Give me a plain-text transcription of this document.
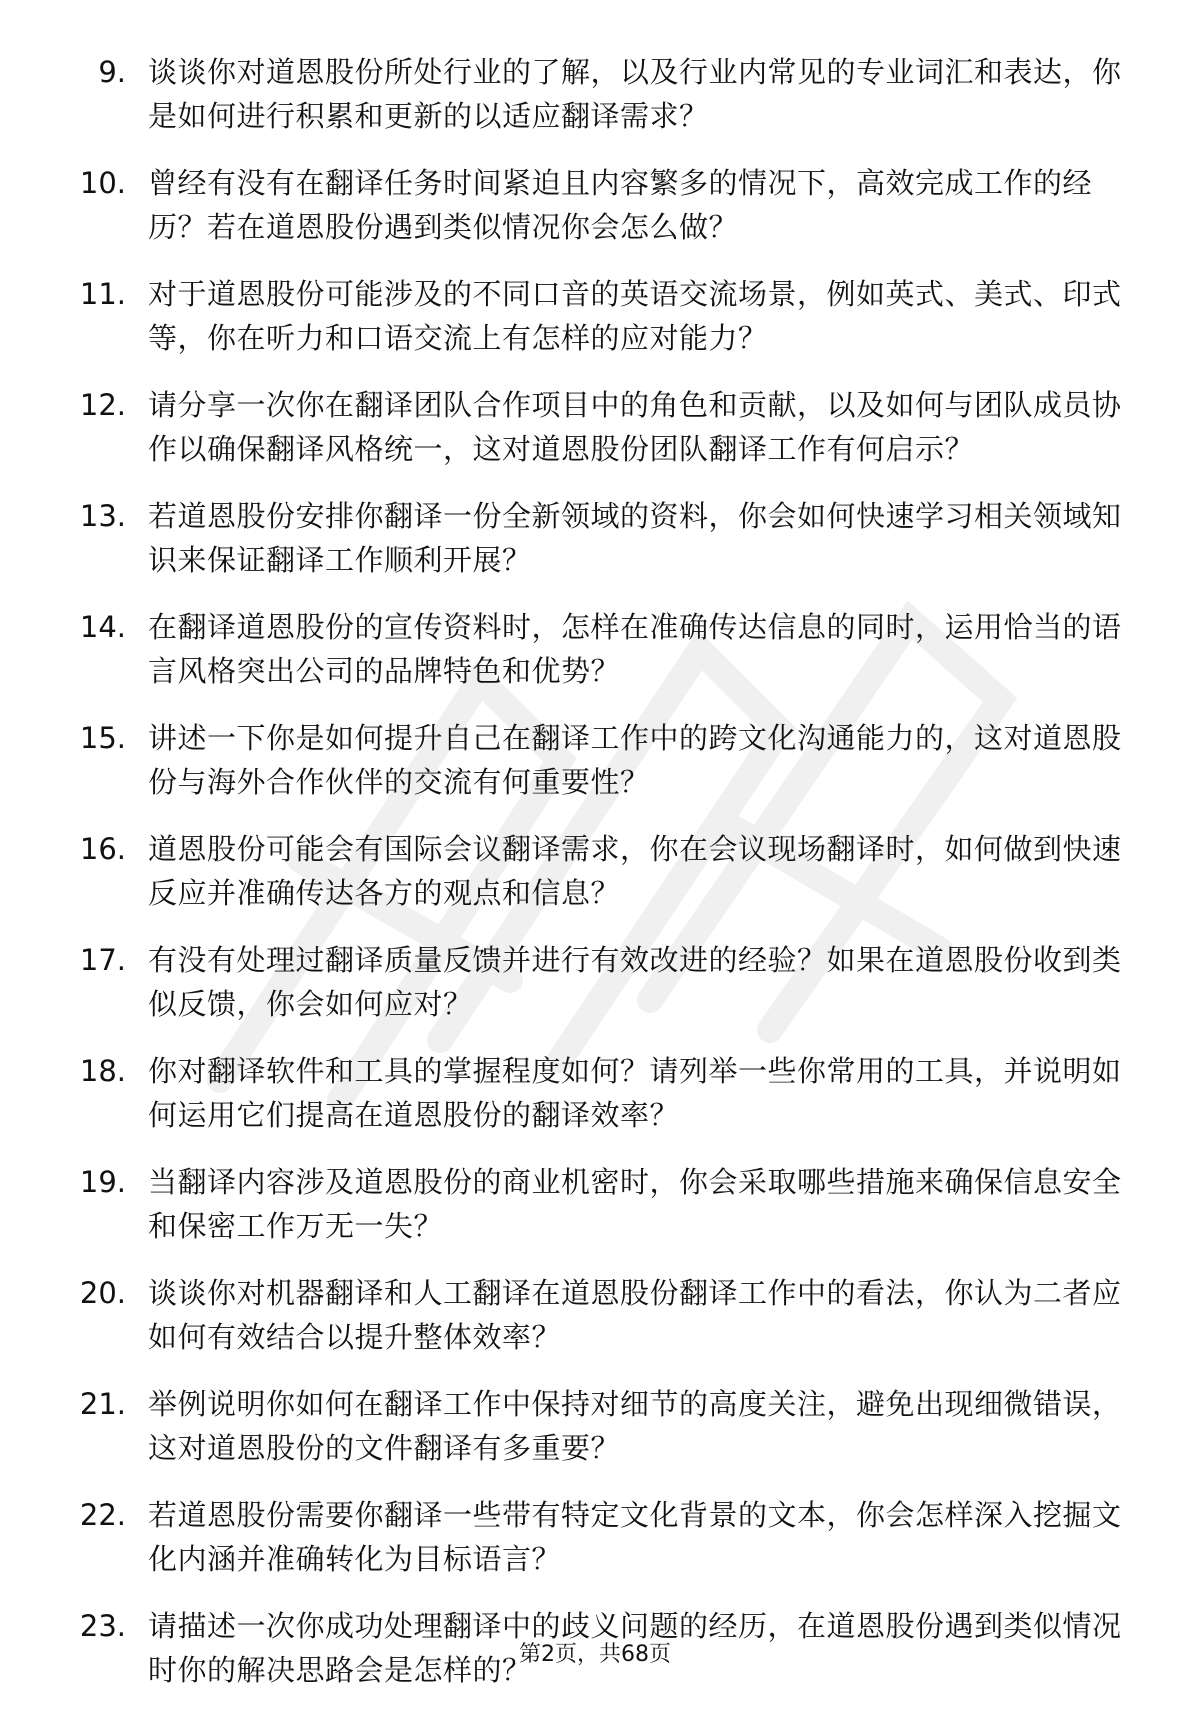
9. 谈谈你对道恩股份所处行业的了解，以及行业内常见的专业词汇和表达，你是如何进行积累和更新的以适应翻译需求？
10. 曾经有没有在翻译任务时间紧迫且内容繁多的情况下，高效完成工作的经历？若在道恩股份遇到类似情况你会怎么做？
11. 对于道恩股份可能涉及的不同口音的英语交流场景，例如英式、美式、印式等，你在听力和口语交流上有怎样的应对能力？
12. 请分享一次你在翻译团队合作项目中的角色和贡献，以及如何与团队成员协作以确保翻译风格统一，这对道恩股份团队翻译工作有何启示？
13. 若道恩股份安排你翻译一份全新领域的资料，你会如何快速学习相关领域知识来保证翻译工作顺利开展？
14. 在翻译道恩股份的宣传资料时，怎样在准确传达信息的同时，运用恰当的语言风格突出公司的品牌特色和优势？
15. 讲述一下你是如何提升自己在翻译工作中的跨文化沟通能力的，这对道恩股份与海外合作伙伴的交流有何重要性？
16. 道恩股份可能会有国际会议翻译需求，你在会议现场翻译时，如何做到快速反应并准确传达各方的观点和信息？
17. 有没有处理过翻译质量反馈并进行有效改进的经验？如果在道恩股份收到类似反馈，你会如何应对？
18. 你对翻译软件和工具的掌握程度如何？请列举一些你常用的工具，并说明如何运用它们提高在道恩股份的翻译效率？
19. 当翻译内容涉及道恩股份的商业机密时，你会采取哪些措施来确保信息安全和保密工作万无一失？
20. 谈谈你对机器翻译和人工翻译在道恩股份翻译工作中的看法，你认为二者应如何有效结合以提升整体效率？
21. 举例说明你如何在翻译工作中保持对细节的高度关注，避免出现细微错误，这对道恩股份的文件翻译有多重要？
22. 若道恩股份需要你翻译一些带有特定文化背景的文本，你会怎样深入挖掘文化内涵并准确转化为目标语言？
23. 请描述一次你成功处理翻译中的歧义问题的经历，在道恩股份遇到类似情况时你的解决思路会是怎样的？
第2页，共68页
